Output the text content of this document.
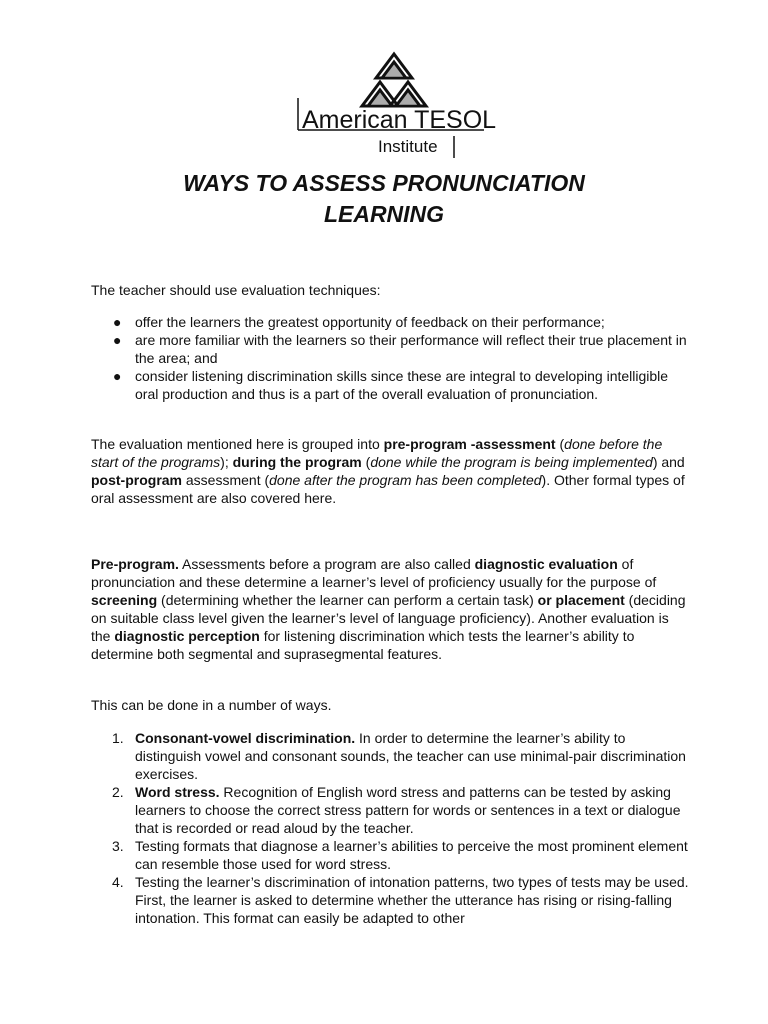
American TESOL
Institute
WAYS TO ASSESS PRONUNCIATION
LEARNING
The teacher should use evaluation techniques:
● offer the learners the greatest opportunity of feedback on their performance;
● are more familiar with the learners so their performance will reflect their true placement in the area; and
● consider listening discrimination skills since these are integral to developing intelligible oral production and thus is a part of the overall evaluation of pronunciation.
The evaluation mentioned here is grouped into pre-program -assessment (done before the start of the programs); during the program (done while the program is being implemented) and post-program assessment (done after the program has been completed). Other formal types of oral assessment are also covered here.
Pre-program. Assessments before a program are also called diagnostic evaluation of pronunciation and these determine a learner’s level of proficiency usually for the purpose of screening (determining whether the learner can perform a certain task) or placement (deciding on suitable class level given the learner’s level of language proficiency). Another evaluation is the diagnostic perception for listening discrimination which tests the learner’s ability to determine both segmental and suprasegmental features.
This can be done in a number of ways.
1. Consonant-vowel discrimination. In order to determine the learner’s ability to distinguish vowel and consonant sounds, the teacher can use minimal-pair discrimination exercises.
2. Word stress. Recognition of English word stress and patterns can be tested by asking learners to choose the correct stress pattern for words or sentences in a text or dialogue that is recorded or read aloud by the teacher.
3. Testing formats that diagnose a learner’s abilities to perceive the most prominent element can resemble those used for word stress.
4. Testing the learner’s discrimination of intonation patterns, two types of tests may be used. First, the learner is asked to determine whether the utterance has rising or rising-falling intonation. This format can easily be adapted to other
